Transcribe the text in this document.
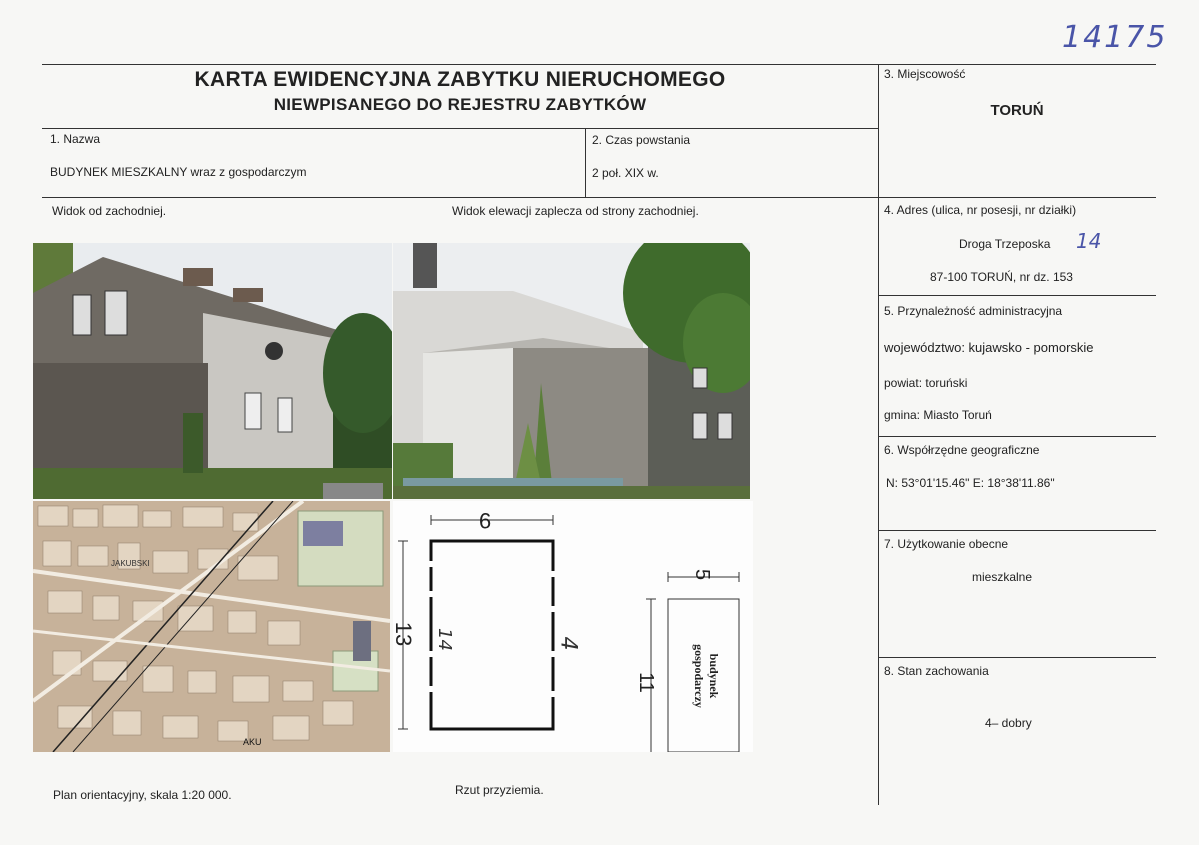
14175
KARTA EWIDENCYJNA ZABYTKU NIERUCHOMEGO
NIEWPISANEGO DO REJESTRU ZABYTKÓW
1. Nazwa
BUDYNEK MIESZKALNY wraz z gospodarczym
2. Czas powstania
2 poł. XIX w.
3. Miejscowość
TORUŃ
4. Adres (ulica, nr posesji, nr działki)
Droga Trzeposka 14
87-100 TORUŃ, nr dz. 153
5. Przynależność administracyjna
województwo: kujawsko - pomorskie
powiat: toruński
gmina: Miasto Toruń
6. Współrzędne geograficzne
N: 53°01'15.46" E: 18°38'11.86"
7. Użytkowanie obecne
mieszkalne
8. Stan zachowania
4– dobry
Widok od zachodniej.	Widok elewacji zaplecza od strony zachodniej.
JAKUBSKI
AKU
9
13 14	4
5
11	budynek gospodarczy
Plan orientacyjny, skala 1:20 000.	Rzut przyziemia.
